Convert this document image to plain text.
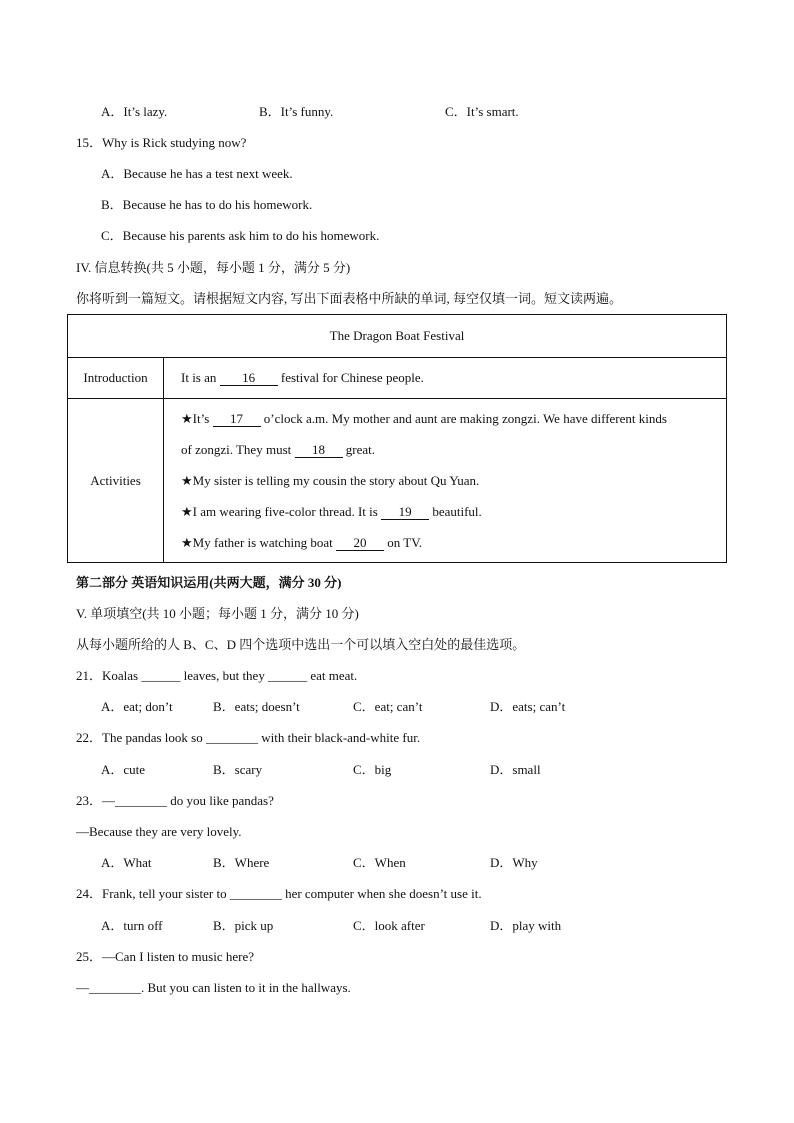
A．It’s lazy.	B．It’s funny.	C．It’s smart.
15．Why is Rick studying now?
A．Because he has a test next week.
B．Because he has to do his homework.
C．Because his parents ask him to do his homework.
IV. 信息转换(共 5 小题，每小题 1 分，满分 5 分)
你将听到一篇短文。请根据短文内容, 写出下面表格中所缺的单词, 每空仅填一词。短文读两遍。
The Dragon Boat Festival	
Introduction	It is an 16 festival for Chinese people.
Activities	★It’s 17 o’clock a.m. My mother and aunt are making zongzi. We have different kinds
of zongzi. They must 18 great.
★My sister is telling my cousin the story about Qu Yuan.
★I am wearing five-color thread. It is 19 beautiful.
★My father is watching boat 20 on TV.
第二部分 英语知识运用(共两大题，满分 30 分)
V. 单项填空(共 10 小题；每小题 1 分，满分 10 分)
从每小题所给的人 B、C、D 四个选项中选出一个可以填入空白处的最佳选项。
21．Koalas ______ leaves, but they ______ eat meat.
A．eat; don’t	B．eats; doesn’t	C．eat; can’t	D．eats; can’t
22．The pandas look so ________ with their black-and-white fur.
A．cute	B．scary	C．big	D．small
23．—________ do you like pandas?
—Because they are very lovely.
A．What	B．Where	C．When	D．Why
24．Frank, tell your sister to ________ her computer when she doesn’t use it.
A．turn off	B．pick up	C．look after	D．play with
25．—Can I listen to music here?
—________. But you can listen to it in the hallways.
